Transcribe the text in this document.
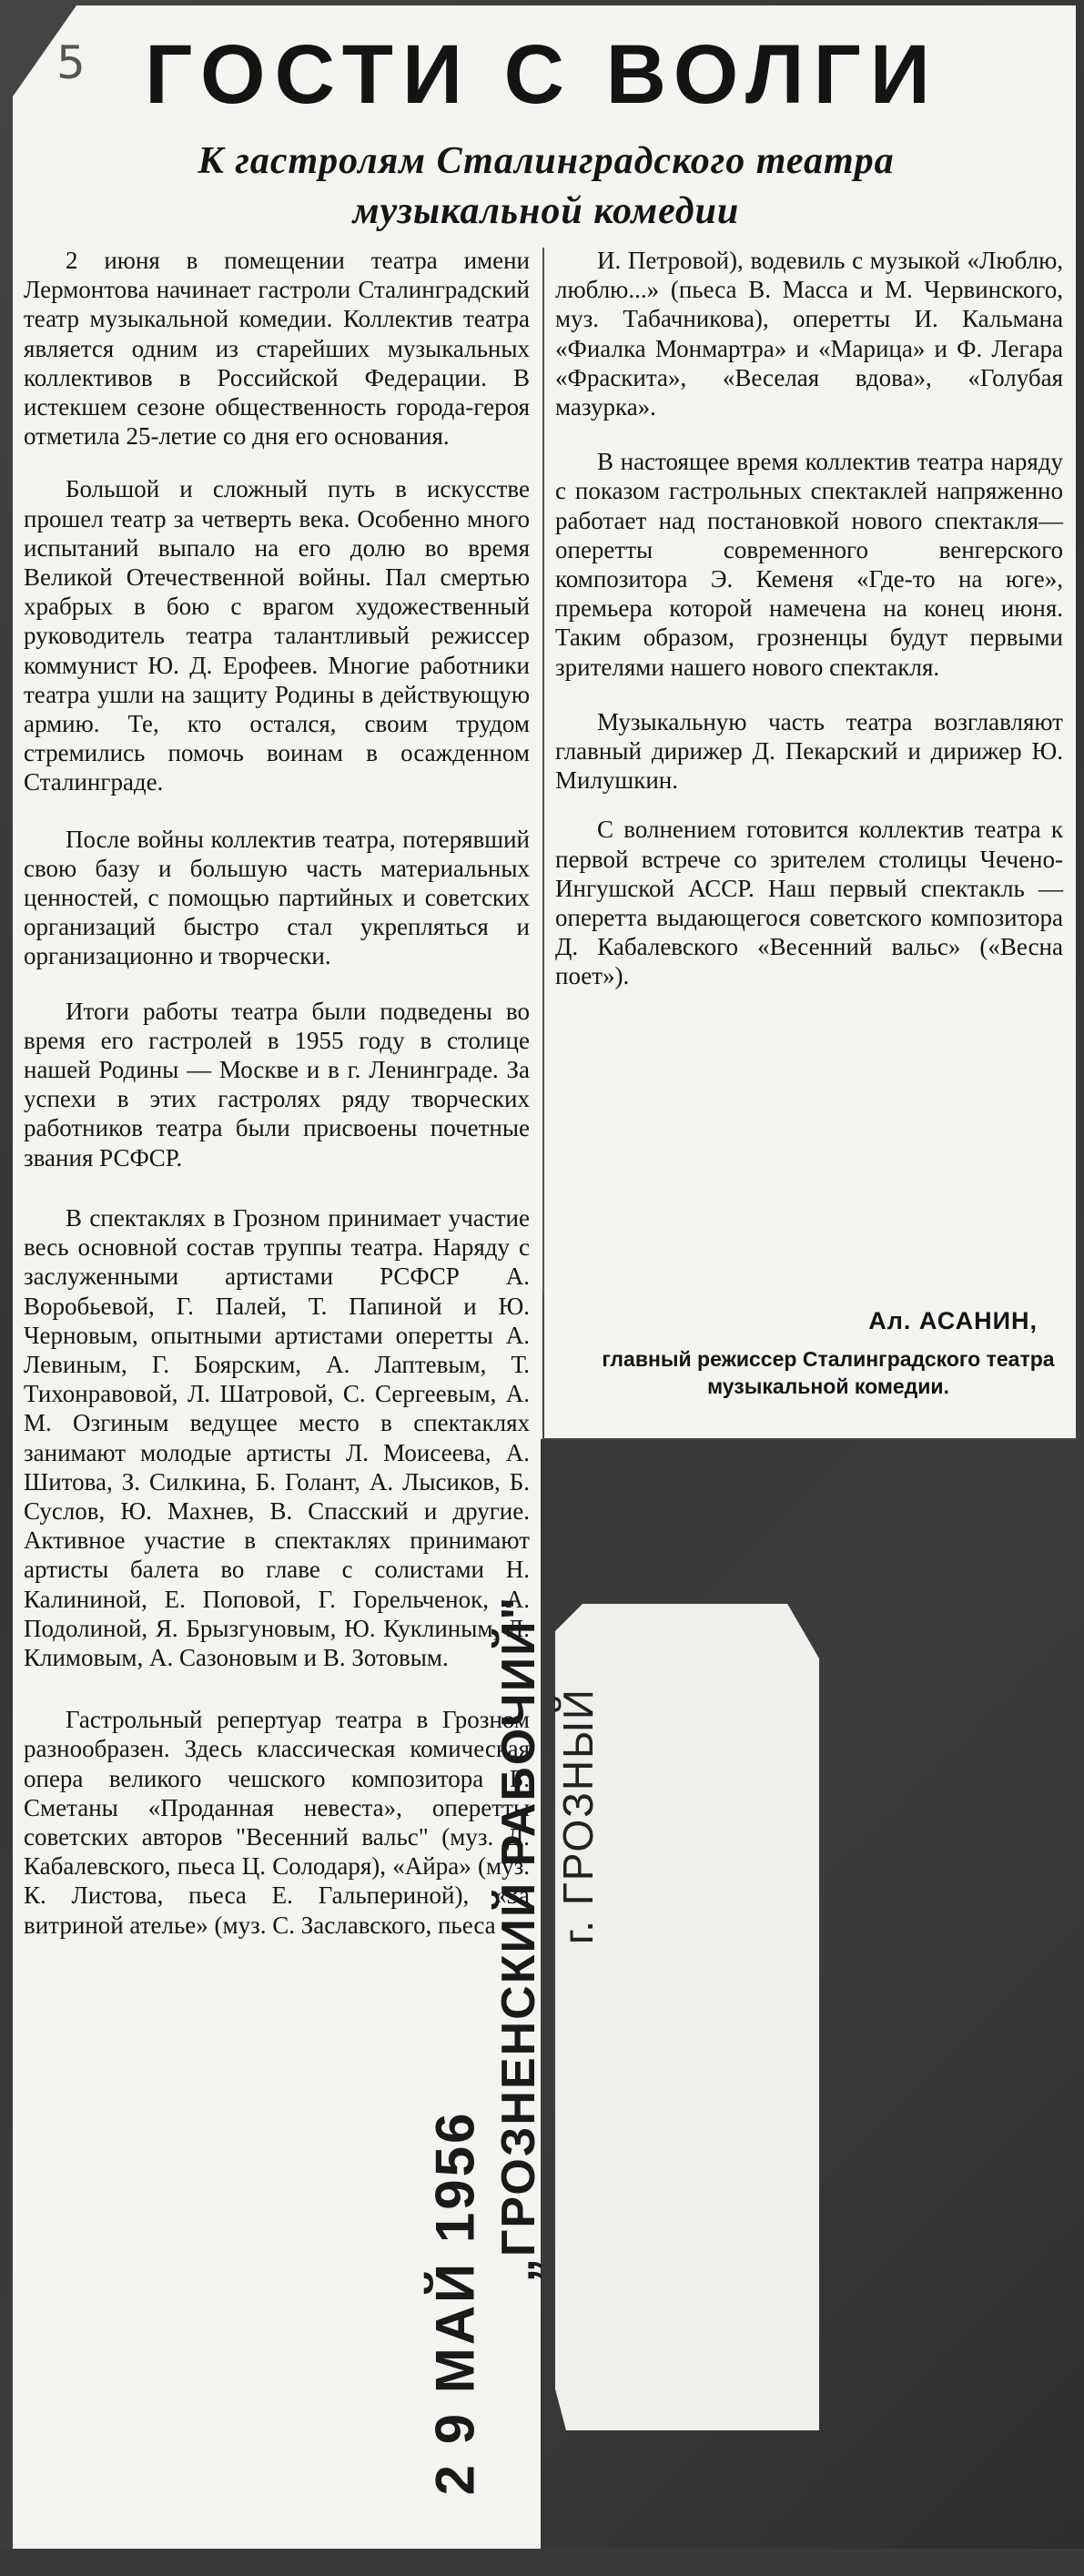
5 ГОСТИ С ВОЛГИ
К гастролям Сталинградского театра
музыкальной комедии

2 июня в помещении театра имени Лермонтова начинает гастроли Сталинградский театр музыкальной комедии. Коллектив театра является одним из старейших музыкальных коллективов в Российской Федерации. В истекшем сезоне общественность города-героя отметила 25-летие со дня его основания.

Большой и сложный путь в искусстве прошел театр за четверть века. Особенно много испытаний выпало на его долю во время Великой Отечественной войны. Пал смертью храбрых в бою с врагом художественный руководитель театра талантливый режиссер коммунист Ю. Д. Ерофеев. Многие работники театра ушли на защиту Родины в действующую армию. Те, кто остался, своим трудом стремились помочь воинам в осажденном Сталинграде.

После войны коллектив театра, потерявший свою базу и большую часть материальных ценностей, с помощью партийных и советских организаций быстро стал укрепляться и организационно и творчески.

Итоги работы театра были подведены во время его гастролей в 1955 году в столице нашей Родины — Москве и в г. Ленинграде. За успехи в этих гастролях ряду творческих работников театра были присвоены почетные звания РСФСР.

В спектаклях в Грозном принимает участие весь основной состав труппы театра. Наряду с заслуженными артистами РСФСР А. Воробьевой, Г. Палей, Т. Папиной и Ю. Черновым, опытными артистами оперетты А. Левиным, Г. Боярским, А. Лаптевым, Т. Тихонравовой, Л. Шатровой, С. Сергеевым, А. М. Озгиным ведущее место в спектаклях занимают молодые артисты Л. Моисеева, А. Шитова, З. Силкина, Б. Голант, А. Лысиков, Б. Суслов, Ю. Махнев, В. Спасский и другие. Активное участие в спектаклях принимают артисты балета во главе с солистами Н. Калининой, Е. Поповой, Г. Горельченок, А. Подолиной, Я. Брызгуновым, Ю. Куклиным, Л. Климовым, А. Сазоновым и В. Зотовым.

Гастрольный репертуар театра в Грозном разнообразен. Здесь классическая комическая опера великого чешского композитора Б. Сметаны «Проданная невеста», оперетты советских авторов "Весенний вальс" (муз. Д. Кабалевского, пьеса Ц. Солодаря), «Айра» (муз. К. Листова, пьеса Е. Гальпериной), «За витриной ателье» (муз. С. Заславского, пьеса

И. Петровой), водевиль с музыкой «Люблю, люблю...» (пьеса В. Масса и М. Червинского, муз. Табачникова), оперетты И. Кальмана «Фиалка Монмартра» и «Марица» и Ф. Легара «Фраскита», «Веселая вдова», «Голубая мазурка».

В настоящее время коллектив театра наряду с показом гастрольных спектаклей напряженно работает над постановкой нового спектакля—оперетты современного венгерского композитора Э. Кеменя «Где-то на юге», премьера которой намечена на конец июня. Таким образом, грозненцы будут первыми зрителями нашего нового спектакля.

Музыкальную часть театра возглавляют главный дирижер Д. Пекарский и дирижер Ю. Милушкин.

С волнением готовится коллектив театра к первой встрече со зрителем столицы Чечено-Ингушской АССР. Наш первый спектакль — оперетта выдающегося советского композитора Д. Кабалевского «Весенний вальс» («Весна поет»).

Ал. АСАНИН,
главный режиссер Сталинградского театра музыкальной комедии.
„ГРОЗНЕНСКИЙ РАБОЧИЙ" г. ГРОЗНЫЙ
2 9 МАЙ 1956
